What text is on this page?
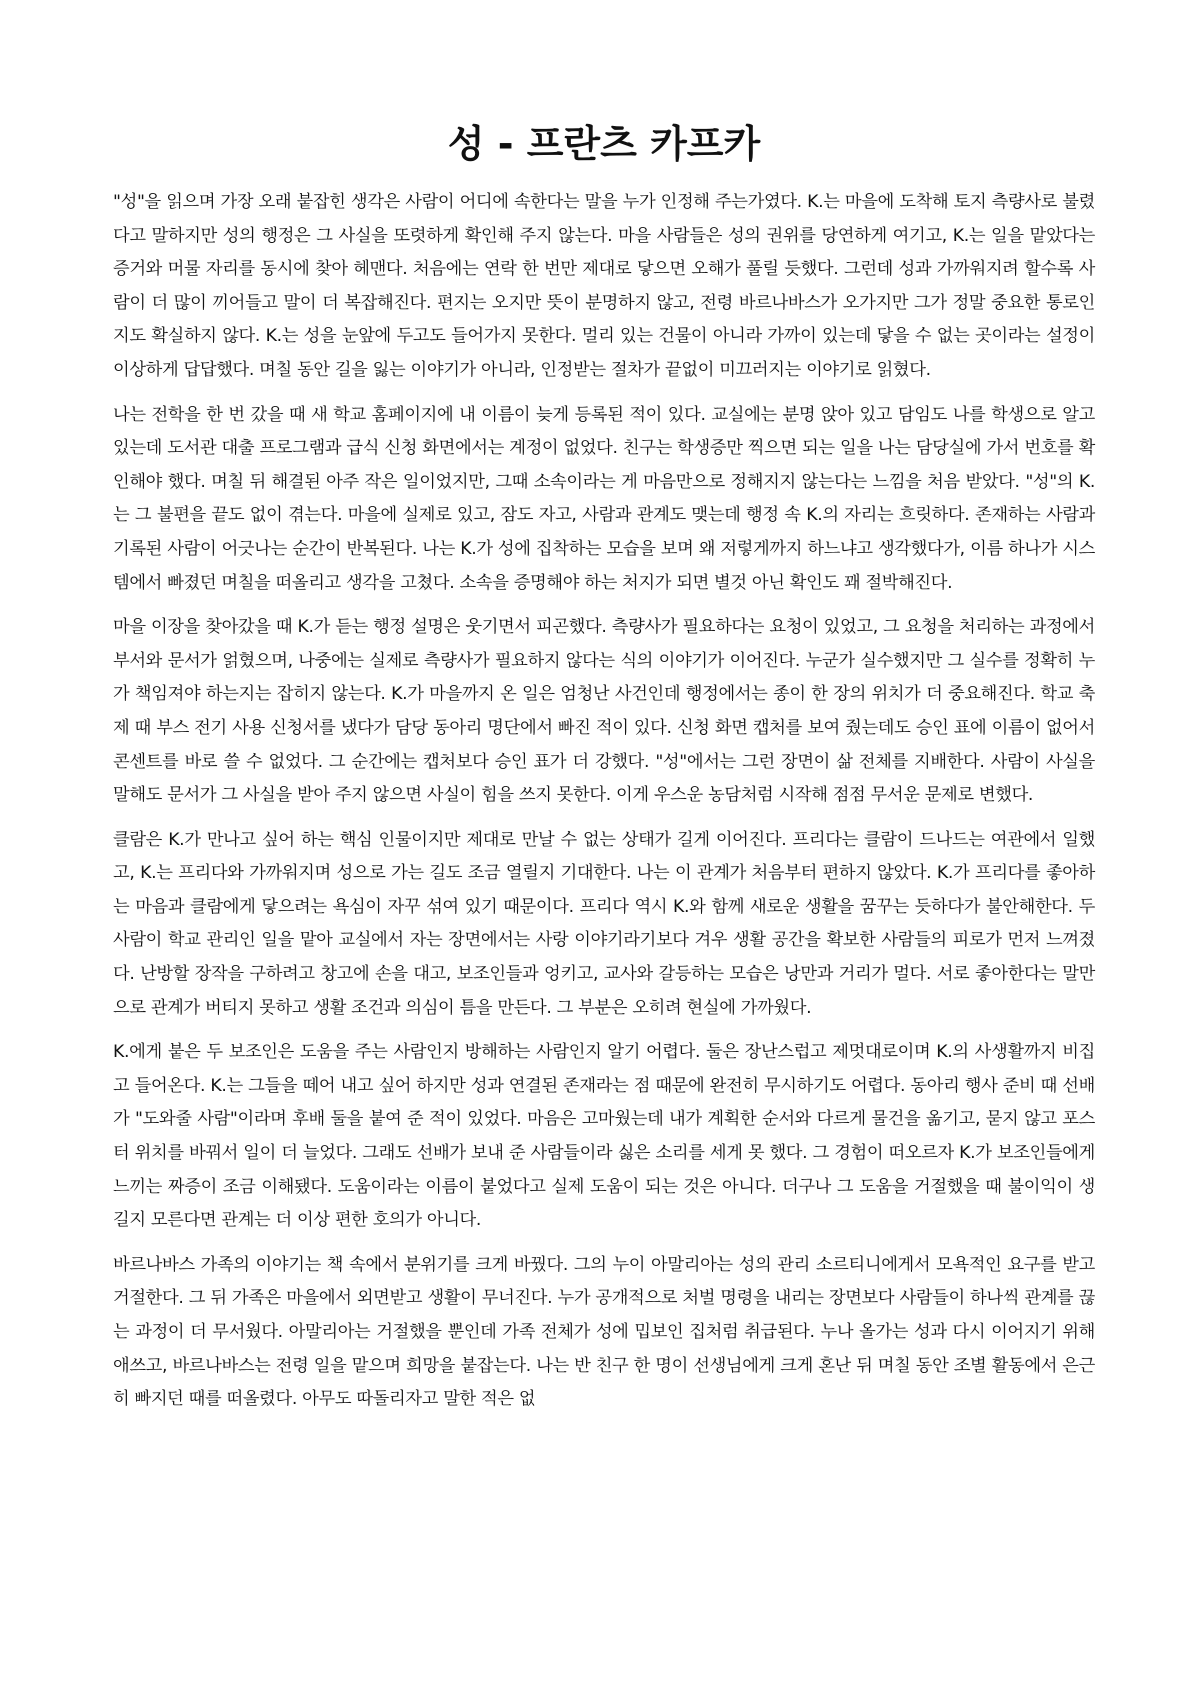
성 - 프란츠 카프카

"성"을 읽으며 가장 오래 붙잡힌 생각은 사람이 어디에 속한다는 말을 누가 인정해 주는가였다. K.는 마을에 도착해 토지 측량사로 불렸다고 말하지만 성의 행정은 그 사실을 또렷하게 확인해 주지 않는다. 마을 사람들은 성의 권위를 당연하게 여기고, K.는 일을 맡았다는 증거와 머물 자리를 동시에 찾아 헤맨다. 처음에는 연락 한 번만 제대로 닿으면 오해가 풀릴 듯했다. 그런데 성과 가까워지려 할수록 사람이 더 많이 끼어들고 말이 더 복잡해진다. 편지는 오지만 뜻이 분명하지 않고, 전령 바르나바스가 오가지만 그가 정말 중요한 통로인지도 확실하지 않다. K.는 성을 눈앞에 두고도 들어가지 못한다. 멀리 있는 건물이 아니라 가까이 있는데 닿을 수 없는 곳이라는 설정이 이상하게 답답했다. 며칠 동안 길을 잃는 이야기가 아니라, 인정받는 절차가 끝없이 미끄러지는 이야기로 읽혔다.

나는 전학을 한 번 갔을 때 새 학교 홈페이지에 내 이름이 늦게 등록된 적이 있다. 교실에는 분명 앉아 있고 담임도 나를 학생으로 알고 있는데 도서관 대출 프로그램과 급식 신청 화면에서는 계정이 없었다. 친구는 학생증만 찍으면 되는 일을 나는 담당실에 가서 번호를 확인해야 했다. 며칠 뒤 해결된 아주 작은 일이었지만, 그때 소속이라는 게 마음만으로 정해지지 않는다는 느낌을 처음 받았다. "성"의 K.는 그 불편을 끝도 없이 겪는다. 마을에 실제로 있고, 잠도 자고, 사람과 관계도 맺는데 행정 속 K.의 자리는 흐릿하다. 존재하는 사람과 기록된 사람이 어긋나는 순간이 반복된다. 나는 K.가 성에 집착하는 모습을 보며 왜 저렇게까지 하느냐고 생각했다가, 이름 하나가 시스템에서 빠졌던 며칠을 떠올리고 생각을 고쳤다. 소속을 증명해야 하는 처지가 되면 별것 아닌 확인도 꽤 절박해진다.

마을 이장을 찾아갔을 때 K.가 듣는 행정 설명은 웃기면서 피곤했다. 측량사가 필요하다는 요청이 있었고, 그 요청을 처리하는 과정에서 부서와 문서가 얽혔으며, 나중에는 실제로 측량사가 필요하지 않다는 식의 이야기가 이어진다. 누군가 실수했지만 그 실수를 정확히 누가 책임져야 하는지는 잡히지 않는다. K.가 마을까지 온 일은 엄청난 사건인데 행정에서는 종이 한 장의 위치가 더 중요해진다. 학교 축제 때 부스 전기 사용 신청서를 냈다가 담당 동아리 명단에서 빠진 적이 있다. 신청 화면 캡처를 보여 줬는데도 승인 표에 이름이 없어서 콘센트를 바로 쓸 수 없었다. 그 순간에는 캡처보다 승인 표가 더 강했다. "성"에서는 그런 장면이 삶 전체를 지배한다. 사람이 사실을 말해도 문서가 그 사실을 받아 주지 않으면 사실이 힘을 쓰지 못한다. 이게 우스운 농담처럼 시작해 점점 무서운 문제로 변했다.

클람은 K.가 만나고 싶어 하는 핵심 인물이지만 제대로 만날 수 없는 상태가 길게 이어진다. 프리다는 클람이 드나드는 여관에서 일했고, K.는 프리다와 가까워지며 성으로 가는 길도 조금 열릴지 기대한다. 나는 이 관계가 처음부터 편하지 않았다. K.가 프리다를 좋아하는 마음과 클람에게 닿으려는 욕심이 자꾸 섞여 있기 때문이다. 프리다 역시 K.와 함께 새로운 생활을 꿈꾸는 듯하다가 불안해한다. 두 사람이 학교 관리인 일을 맡아 교실에서 자는 장면에서는 사랑 이야기라기보다 겨우 생활 공간을 확보한 사람들의 피로가 먼저 느껴졌다. 난방할 장작을 구하려고 창고에 손을 대고, 보조인들과 엉키고, 교사와 갈등하는 모습은 낭만과 거리가 멀다. 서로 좋아한다는 말만으로 관계가 버티지 못하고 생활 조건과 의심이 틈을 만든다. 그 부분은 오히려 현실에 가까웠다.

K.에게 붙은 두 보조인은 도움을 주는 사람인지 방해하는 사람인지 알기 어렵다. 둘은 장난스럽고 제멋대로이며 K.의 사생활까지 비집고 들어온다. K.는 그들을 떼어 내고 싶어 하지만 성과 연결된 존재라는 점 때문에 완전히 무시하기도 어렵다. 동아리 행사 준비 때 선배가 "도와줄 사람"이라며 후배 둘을 붙여 준 적이 있었다. 마음은 고마웠는데 내가 계획한 순서와 다르게 물건을 옮기고, 묻지 않고 포스터 위치를 바꿔서 일이 더 늘었다. 그래도 선배가 보내 준 사람들이라 싫은 소리를 세게 못 했다. 그 경험이 떠오르자 K.가 보조인들에게 느끼는 짜증이 조금 이해됐다. 도움이라는 이름이 붙었다고 실제 도움이 되는 것은 아니다. 더구나 그 도움을 거절했을 때 불이익이 생길지 모른다면 관계는 더 이상 편한 호의가 아니다.

바르나바스 가족의 이야기는 책 속에서 분위기를 크게 바꿨다. 그의 누이 아말리아는 성의 관리 소르티니에게서 모욕적인 요구를 받고 거절한다. 그 뒤 가족은 마을에서 외면받고 생활이 무너진다. 누가 공개적으로 처벌 명령을 내리는 장면보다 사람들이 하나씩 관계를 끊는 과정이 더 무서웠다. 아말리아는 거절했을 뿐인데 가족 전체가 성에 밉보인 집처럼 취급된다. 누나 올가는 성과 다시 이어지기 위해 애쓰고, 바르나바스는 전령 일을 맡으며 희망을 붙잡는다. 나는 반 친구 한 명이 선생님에게 크게 혼난 뒤 며칠 동안 조별 활동에서 은근히 빠지던 때를 떠올렸다. 아무도 따돌리자고 말한 적은 없
